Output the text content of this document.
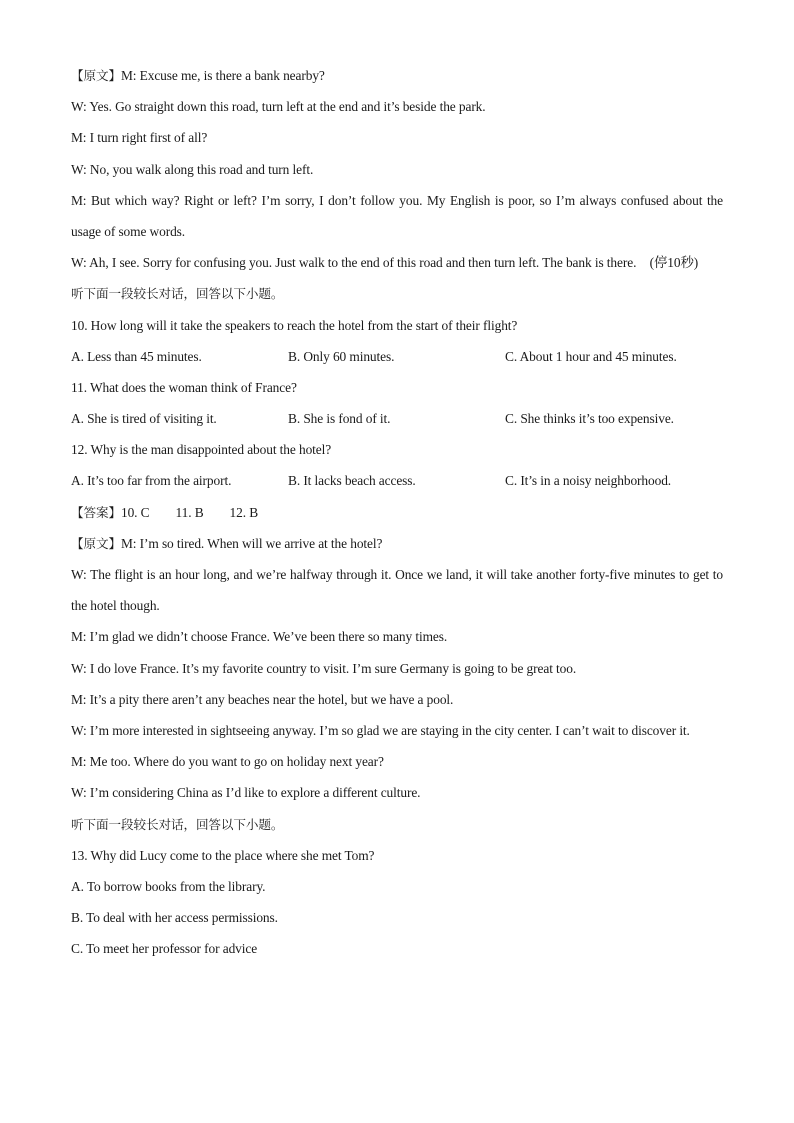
【原文】M: Excuse me, is there a bank nearby?
W: Yes. Go straight down this road, turn left at the end and it’s beside the park.
M: I turn right first of all?
W: No, you walk along this road and turn left.
M: But which way? Right or left? I’m sorry, I don’t follow you. My English is poor, so I’m always confused about the usage of some words.
W: Ah, I see. Sorry for confusing you. Just walk to the end of this road and then turn left. The bank is there.　(停10秒)
听下面一段较长对话，回答以下小题。
10. How long will it take the speakers to reach the hotel from the start of their flight?
A. Less than 45 minutes.	B. Only 60 minutes.	C. About 1 hour and 45 minutes.
11. What does the woman think of France?
A. She is tired of visiting it.	B. She is fond of it.	C. She thinks it’s too expensive.
12. Why is the man disappointed about the hotel?
A. It’s too far from the airport.	B. It lacks beach access.	C. It’s in a noisy neighborhood.
【答案】10. C 11. B 12. B
【原文】M: I’m so tired. When will we arrive at the hotel?
W: The flight is an hour long, and we’re halfway through it. Once we land, it will take another forty-five minutes to get to the hotel though.
M: I’m glad we didn’t choose France. We’ve been there so many times.
W: I do love France. It’s my favorite country to visit. I’m sure Germany is going to be great too.
M: It’s a pity there aren’t any beaches near the hotel, but we have a pool.
W: I’m more interested in sightseeing anyway. I’m so glad we are staying in the city center. I can’t wait to discover it.
M: Me too. Where do you want to go on holiday next year?
W: I’m considering China as I’d like to explore a different culture.
听下面一段较长对话，回答以下小题。
13. Why did Lucy come to the place where she met Tom?
A. To borrow books from the library.
B. To deal with her access permissions.
C. To meet her professor for advice
